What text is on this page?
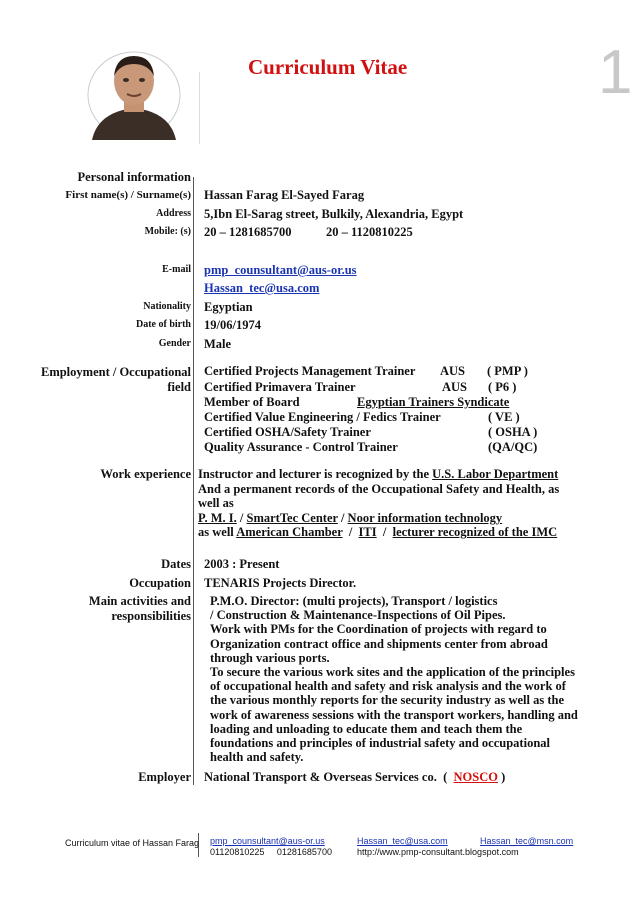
Curriculum Vitae	1
Personal information
First name(s) / Surname(s) Hassan Farag El-Sayed Farag
Address 5,Ibn El-Sarag street, Bulkily, Alexandria, Egypt
Mobile: (s) 20 – 1281685700	20 – 1120810225
E-mail pmp_counsultant@aus-or.us
Hassan_tec@usa.com
Nationality Egyptian
Date of birth 19/06/1974
Gender Male
Employment / Occupational
field
Certified Projects Management Trainer AUS ( PMP )
Certified Primavera Trainer	AUS ( P6 )
Member of Board	Egyptian Trainers Syndicate
Certified Value Engineering / Fedics Trainer	( VE )
Certified OSHA/Safety Trainer	( OSHA )
Quality Assurance - Control Trainer	(QA/QC)
Work experience Instructor and lecturer is recognized by the U.S. Labor Department
And a permanent records of the Occupational Safety and Health, as
well as
P. M. I. / SmartTec Center / Noor information technology
as well American Chamber  /  ITI  /  lecturer recognized of the IMC
Dates 2003 : Present
Occupation TENARIS Projects Director.
Main activities and
responsibilities
P.M.O. Director: (multi projects), Transport / logistics
/ Construction & Maintenance-Inspections of Oil Pipes.
Work with PMs for the Coordination of projects with regard to
Organization contract office and shipments center from abroad
through various ports.
To secure the various work sites and the application of the principles
of occupational health and safety and risk analysis and the work of
the various monthly reports for the security industry as well as the
work of awareness sessions with the transport workers, handling and
loading and unloading to educate them and teach them the
foundations and principles of industrial safety and occupational
health and safety.
Employer National Transport & Overseas Services co.  (  NOSCO )
Curriculum vitae of Hassan Farag pmp_counsultant@aus-or.us	Hassan_tec@usa.com	Hassan_tec@msn.com
01120810225     01281685700	http://www.pmp-consultant.blogspot.com
